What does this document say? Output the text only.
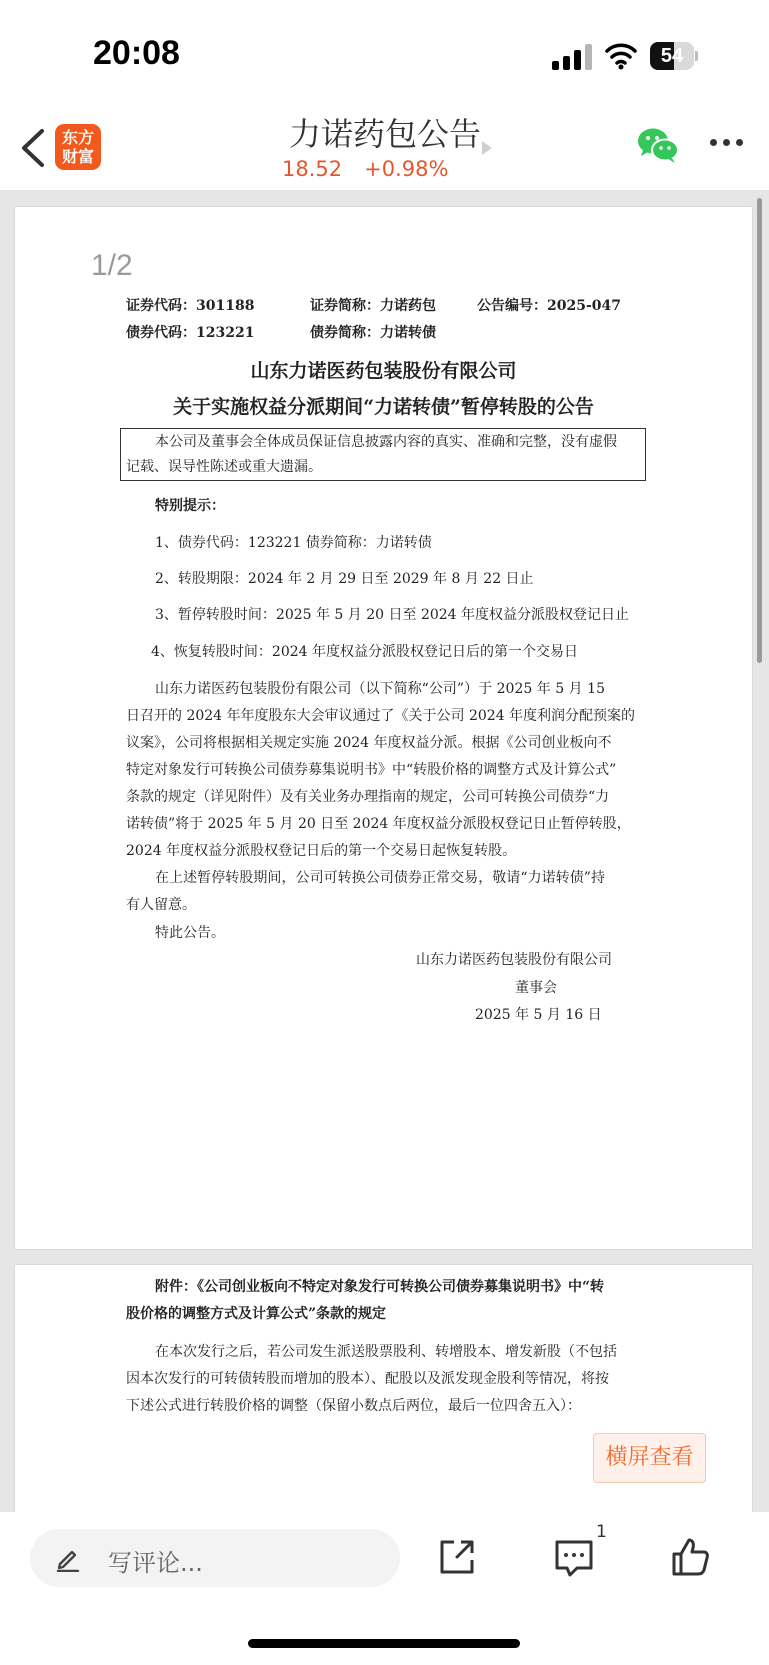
20:08	54
东方
财富
力诺药包公告
18.52 +0.98%
1/2
证券代码：301188	证券简称：力诺药包	公告编号：2025-047
债券代码：123221	债券简称：力诺转债
山东力诺医药包装股份有限公司
关于实施权益分派期间“力诺转债”暂停转股的公告
本公司及董事会全体成员保证信息披露内容的真实、准确和完整，没有虚假
记载、误导性陈述或重大遗漏。
特别提示：
1、债券代码：123221 债券简称：力诺转债
2、转股期限：2024 年 2 月 29 日至 2029 年 8 月 22 日止
3、暂停转股时间：2025 年 5 月 20 日至 2024 年度权益分派股权登记日止
4、恢复转股时间：2024 年度权益分派股权登记日后的第一个交易日
山东力诺医药包装股份有限公司（以下简称“公司”）于 2025 年 5 月 15
日召开的 2024 年年度股东大会审议通过了《关于公司 2024 年度利润分配预案的
议案》，公司将根据相关规定实施 2024 年度权益分派。根据《公司创业板向不
特定对象发行可转换公司债券募集说明书》中“转股价格的调整方式及计算公式”
条款的规定（详见附件）及有关业务办理指南的规定，公司可转换公司债券“力
诺转债”将于 2025 年 5 月 20 日至 2024 年度权益分派股权登记日止暂停转股，
2024 年度权益分派股权登记日后的第一个交易日起恢复转股。
在上述暂停转股期间，公司可转换公司债券正常交易，敬请“力诺转债”持
有人留意。
特此公告。
山东力诺医药包装股份有限公司
董事会
2025 年 5 月 16 日
附件：《公司创业板向不特定对象发行可转换公司债券募集说明书》中“转
股价格的调整方式及计算公式”条款的规定
在本次发行之后，若公司发生派送股票股利、转增股本、增发新股（不包括
因本次发行的可转债转股而增加的股本）、配股以及派发现金股利等情况，将按
下述公式进行转股价格的调整（保留小数点后两位，最后一位四舍五入）：
横屏查看
写评论...
1
